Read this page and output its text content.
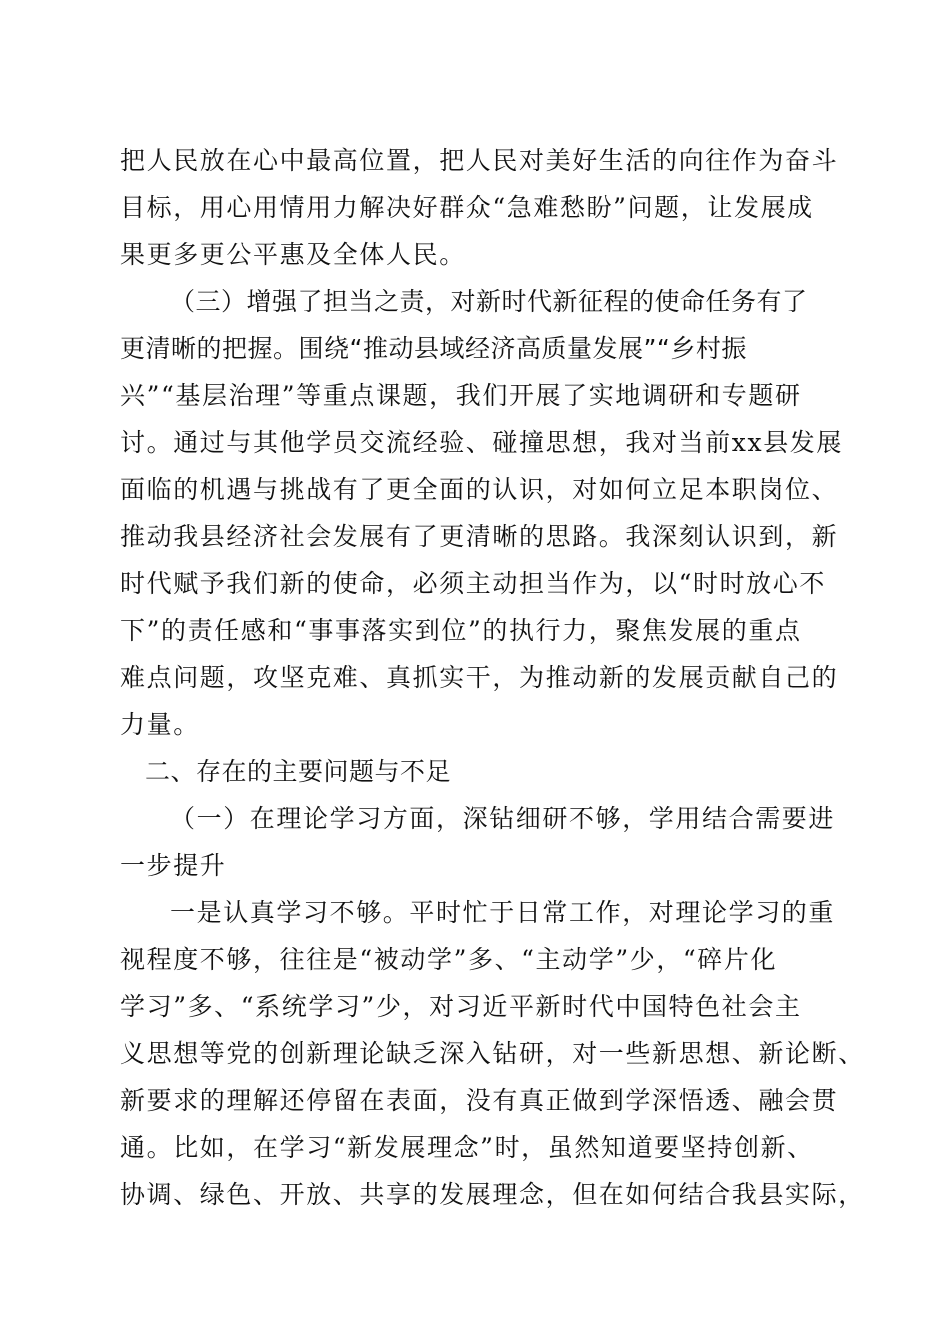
把人民放在心中最高位置，把人民对美好生活的向往作为奋斗
目标，用心用情用力解决好群众“急难愁盼”问题，让发展成
果更多更公平惠及全体人民。
（三）增强了担当之责，对新时代新征程的使命任务有了
更清晰的把握。围绕“推动县域经济高质量发展”“乡村振
兴”“基层治理”等重点课题，我们开展了实地调研和专题研
讨。通过与其他学员交流经验、碰撞思想，我对当前xx县发展
面临的机遇与挑战有了更全面的认识，对如何立足本职岗位、
推动我县经济社会发展有了更清晰的思路。我深刻认识到，新
时代赋予我们新的使命，必须主动担当作为，以“时时放心不
下”的责任感和“事事落实到位”的执行力，聚焦发展的重点
难点问题，攻坚克难、真抓实干，为推动新的发展贡献自己的
力量。
二、存在的主要问题与不足
（一）在理论学习方面，深钻细研不够，学用结合需要进
一步提升
一是认真学习不够。平时忙于日常工作，对理论学习的重
视程度不够，往往是“被动学”多、“主动学”少，“碎片化
学习”多、“系统学习”少，对习近平新时代中国特色社会主
义思想等党的创新理论缺乏深入钻研，对一些新思想、新论断、
新要求的理解还停留在表面，没有真正做到学深悟透、融会贯
通。比如，在学习“新发展理念”时，虽然知道要坚持创新、
协调、绿色、开放、共享的发展理念，但在如何结合我县实际，
